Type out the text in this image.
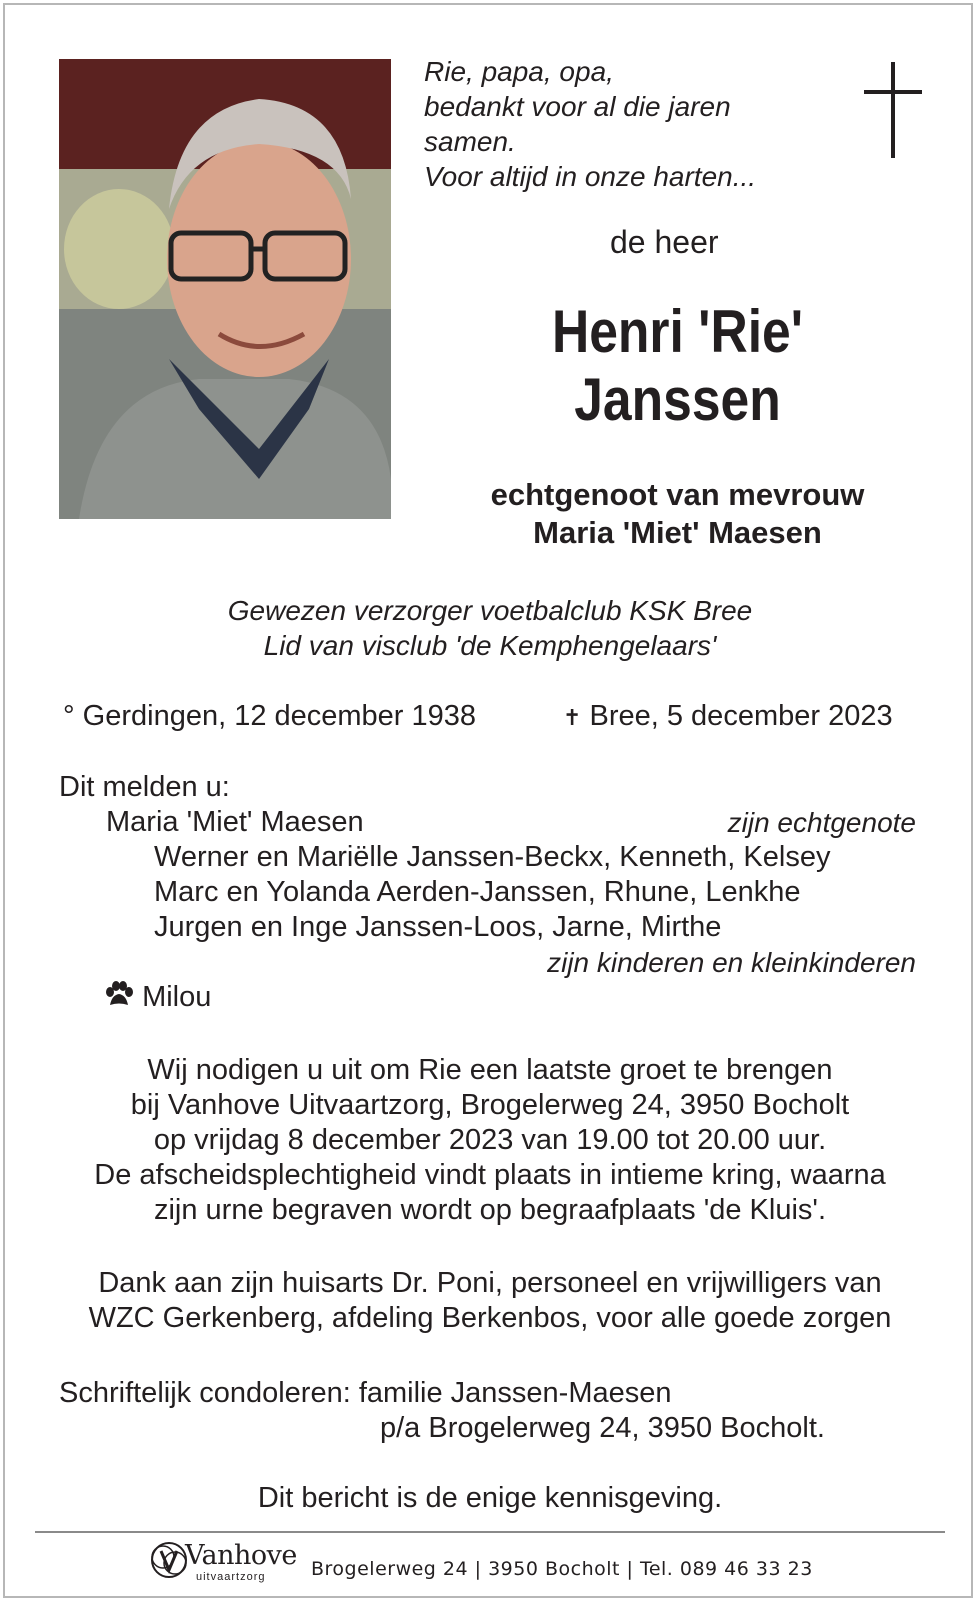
Rie, papa, opa,
bedankt voor al die jaren
samen.
Voor altijd in onze harten...
de heer
Henri 'Rie'
Janssen
echtgenoot van mevrouw
Maria 'Miet' Maesen
Gewezen verzorger voetbalclub KSK Bree
Lid van visclub 'de Kemphengelaars'
° Gerdingen, 12 december 1938	✝ Bree, 5 december 2023
Dit melden u:
Maria 'Miet' Maesen	zijn echtgenote
Werner en Mariëlle Janssen-Beckx, Kenneth, Kelsey
Marc en Yolanda Aerden-Janssen, Rhune, Lenkhe
Jurgen en Inge Janssen-Loos, Jarne, Mirthe
zijn kinderen en kleinkinderen
Milou
Wij nodigen u uit om Rie een laatste groet te brengen
bij Vanhove Uitvaartzorg, Brogelerweg 24, 3950 Bocholt
op vrijdag 8 december 2023 van 19.00 tot 20.00 uur.
De afscheidsplechtigheid vindt plaats in intieme kring, waarna
zijn urne begraven wordt op begraafplaats 'de Kluis'.
Dank aan zijn huisarts Dr. Poni, personeel en vrijwilligers van
WZC Gerkenberg, afdeling Berkenbos, voor alle goede zorgen
Schriftelijk condoleren: familie Janssen-Maesen
p/a Brogelerweg 24, 3950 Bocholt.
Dit bericht is de enige kennisgeving.
Vanhove
uitvaartzorg Brogelerweg 24 | 3950 Bocholt | Tel. 089 46 33 23
